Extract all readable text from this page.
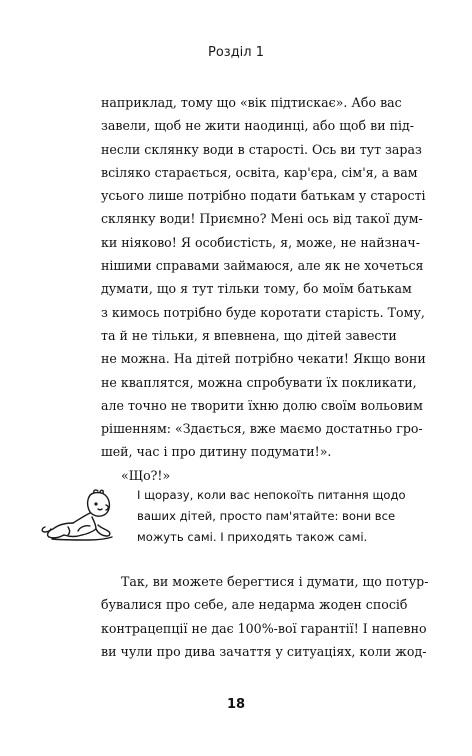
Розділ 1
наприклад, тому що «вік підтискає». Або вас
завели, щоб не жити наодинці, або щоб ви під-
несли склянку води в старості. Ось ви тут зараз
всіляко старається, освіта, кар'єра, сім'я, а вам
усього лише потрібно подати батькам у старості
склянку води! Приємно? Мені ось від такої дум-
ки ніяково! Я особистість, я, може, не найзнач-
нішими справами займаюся, але як не хочеться
думати, що я тут тільки тому, бо моїм батькам
з кимось потрібно буде коротати старість. Тому,
та й не тільки, я впевнена, що дітей завести
не можна. На дітей потрібно чекати! Якщо вони
не кваплятся, можна спробувати їх покликати,
але точно не творити їхню долю своїм вольовим
рішенням: «Здається, вже маємо достатньо гро-
шей, час і про дитину подумати!».
«Що?!»
І щоразу, коли вас непокоїть питання щодо
ваших дітей, просто пам'ятайте: вони все
можуть самі. І приходять також самі.
Так, ви можете берегтися і думати, що потур-
бувалися про себе, але недарма жоден спосіб
контрацепції не дає 100%-вої гарантії! І напевно
ви чули про дива зачаття у ситуаціях, коли жод-
18
